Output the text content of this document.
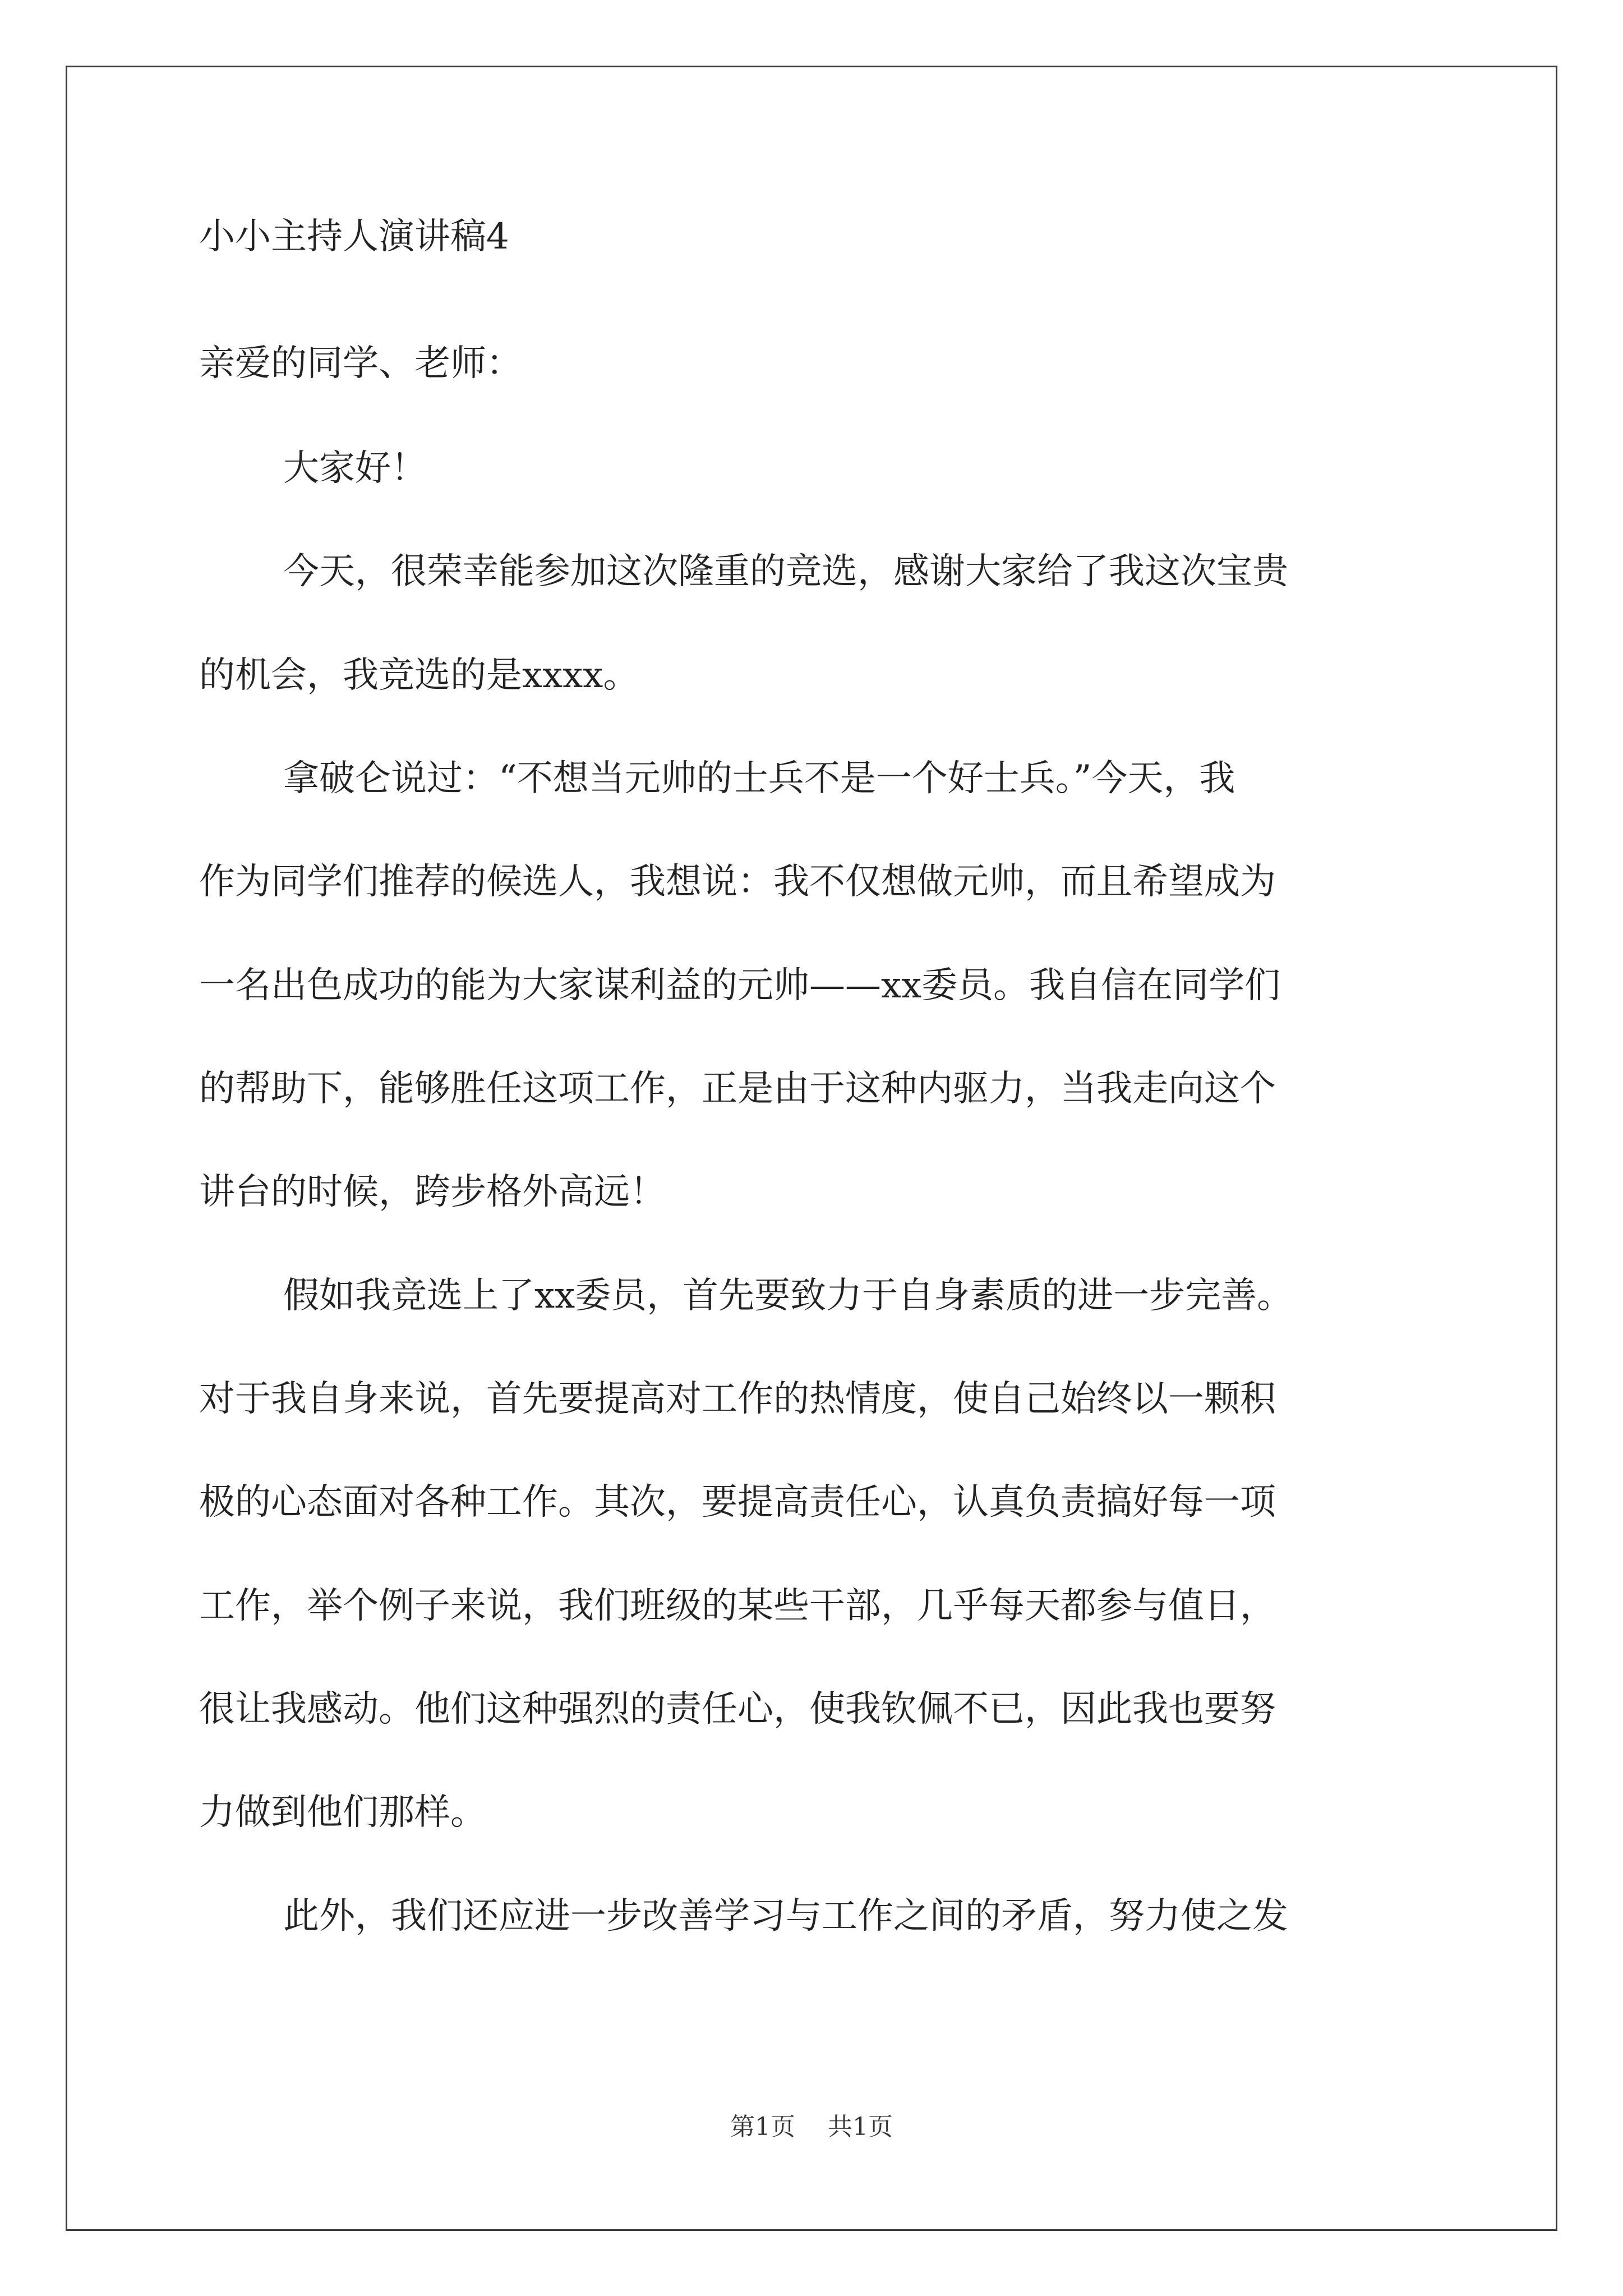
小小主持人演讲稿4
亲爱的同学、老师：
大家好！
今天，很荣幸能参加这次隆重的竞选，感谢大家给了我这次宝贵
的机会，我竞选的是xxxx。
拿破仑说过：“不想当元帅的士兵不是一个好士兵。”今天，我
作为同学们推荐的候选人，我想说：我不仅想做元帅，而且希望成为
一名出色成功的能为大家谋利益的元帅——xx委员。我自信在同学们
的帮助下，能够胜任这项工作，正是由于这种内驱力，当我走向这个
讲台的时候，跨步格外高远！
假如我竞选上了xx委员，首先要致力于自身素质的进一步完善。
对于我自身来说，首先要提高对工作的热情度，使自己始终以一颗积
极的心态面对各种工作。其次，要提高责任心，认真负责搞好每一项
工作，举个例子来说，我们班级的某些干部，几乎每天都参与值日，
很让我感动。他们这种强烈的责任心，使我钦佩不已，因此我也要努
力做到他们那样。
此外，我们还应进一步改善学习与工作之间的矛盾，努力使之发
第1页 共1页
